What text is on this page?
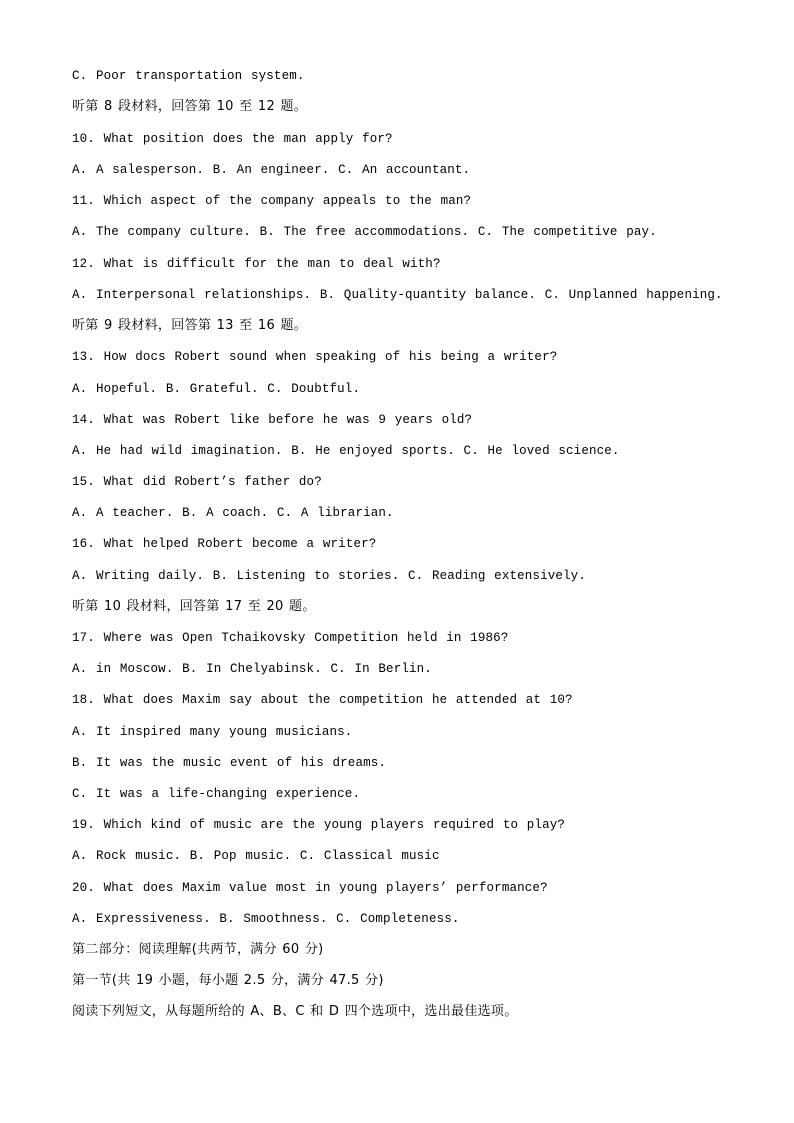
C. Poor transportation system.
听第 8 段材料，回答第 10 至 12 题。
10. What position does the man apply for?
A. A salesperson. B. An engineer. C. An accountant.
11. Which aspect of the company appeals to the man?
A. The company culture. B. The free accommodations. C. The competitive pay.
12. What is difficult for the man to deal with?
A. Interpersonal relationships. B. Quality-quantity balance. C. Unplanned happening.
听第 9 段材料，回答第 13 至 16 题。
13. How docs Robert sound when speaking of his being a writer?
A. Hopeful. B. Grateful. C. Doubtful.
14. What was Robert like before he was 9 years old?
A. He had wild imagination. B. He enjoyed sports. C. He loved science.
15. What did Robert’s father do?
A. A teacher. B. A coach. C. A librarian.
16. What helped Robert become a writer?
A. Writing daily. B. Listening to stories. C. Reading extensively.
听第 10 段材料，回答第 17 至 20 题。
17. Where was Open Tchaikovsky Competition held in 1986?
A. in Moscow. B. In Chelyabinsk. C. In Berlin.
18. What does Maxim say about the competition he attended at 10?
A. It inspired many young musicians.
B. It was the music event of his dreams.
C. It was a life-changing experience.
19. Which kind of music are the young players required to play?
A. Rock music. B. Pop music. C. Classical music
20. What does Maxim value most in young players’ performance?
A. Expressiveness. B. Smoothness. C. Completeness.
第二部分：阅读理解(共两节，满分 60 分)
第一节(共 19 小题，每小题 2.5 分，满分 47.5 分)
阅读下列短文，从每题所给的 A、B、C 和 D 四个选项中，选出最佳选项。
